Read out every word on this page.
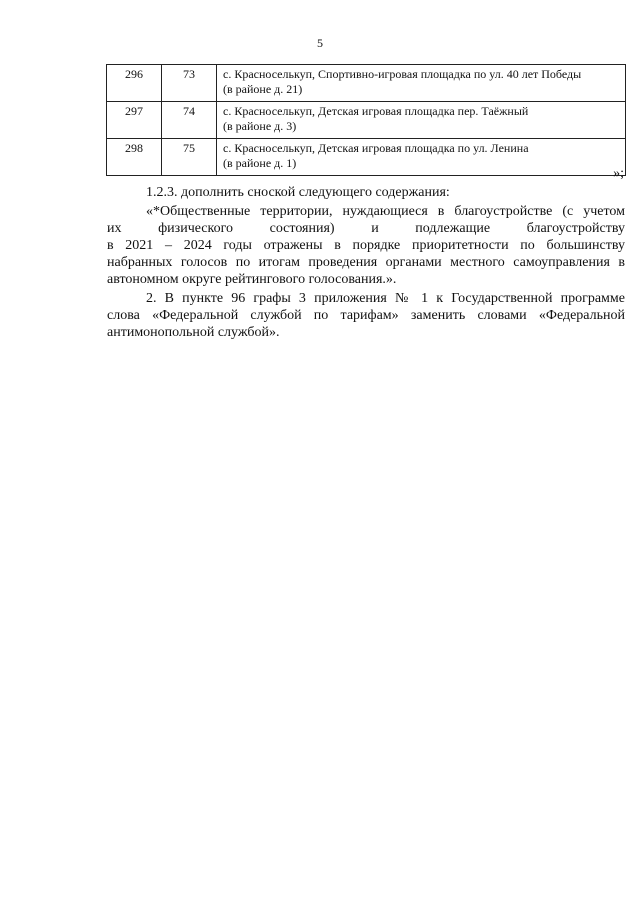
5
296	73	с. Красноселькуп, Спортивно-игровая площадка по ул. 40 лет Победы
(в районе д. 21)

297	74	с. Красноселькуп, Детская игровая площадка пер. Таёжный
(в районе д. 3)

298	75	с. Красноселькуп, Детская игровая площадка по ул. Ленина
(в районе д. 1)
»;
1.2.3. дополнить сноской следующего содержания:
«*Общественные территории, нуждающиеся в благоустройстве (с учетом
их физического состояния) и подлежащие благоустройству
в 2021 – 2024 годы отражены в порядке приоритетности по большинству
набранных голосов по итогам проведения органами местного самоуправления в
автономном округе рейтингового голосования.».
2. В пункте 96 графы 3 приложения № 1 к Государственной программе
слова «Федеральной службой по тарифам» заменить словами «Федеральной
антимонопольной службой».
